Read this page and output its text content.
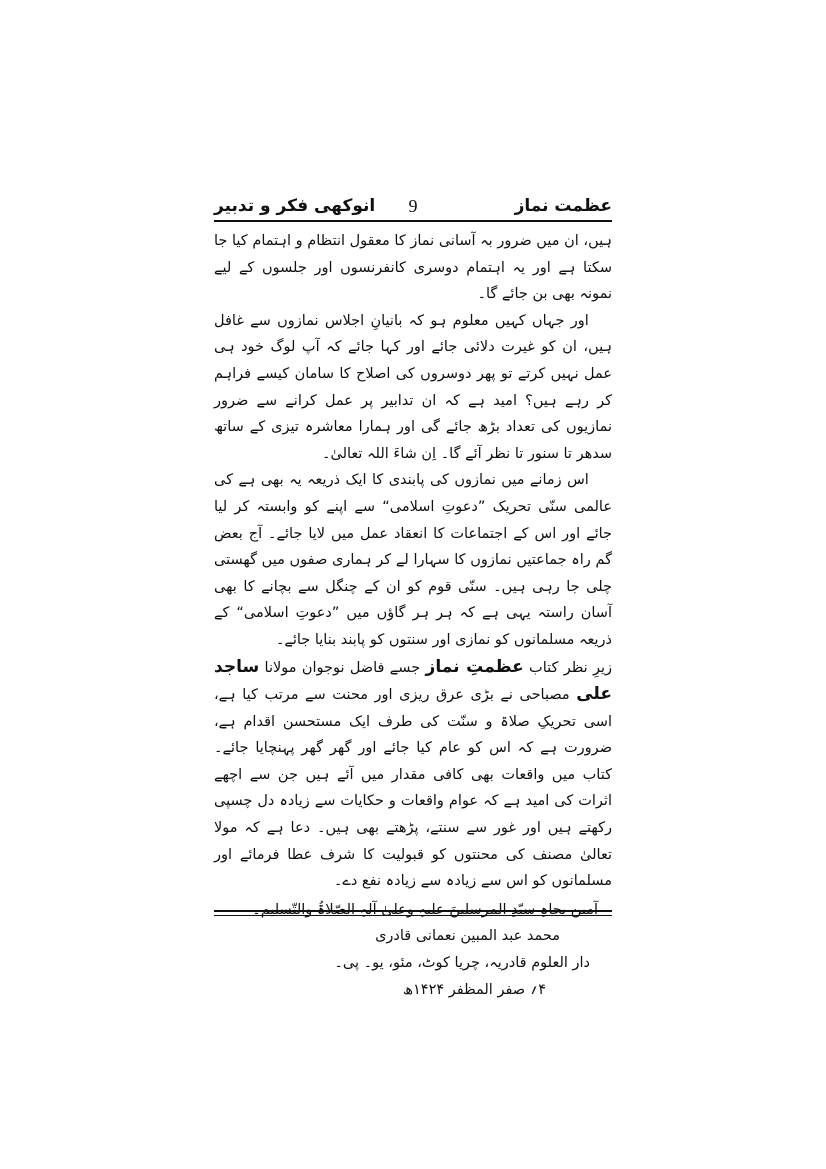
انوکھی فکر و تدبیر	9	عظمت نماز

ہیں، ان میں ضرور بہ آسانی نماز کا معقول انتظام و اہتمام کیا جا سکتا ہے اور یہ اہتمام دوسری کانفرنسوں اور جلسوں کے لیے نمونہ بھی بن جائے گا۔

اور جہاں کہیں معلوم ہو کہ بانیانِ اجلاس نمازوں سے غافل ہیں، ان کو غیرت دلائی جائے اور کہا جائے کہ آپ لوگ خود ہی عمل نہیں کرتے تو پھر دوسروں کی اصلاح کا سامان کیسے فراہم کر رہے ہیں؟ امید ہے کہ ان تدابیر پر عمل کرانے سے ضرور نمازیوں کی تعداد بڑھ جائے گی اور ہمارا معاشرہ تیزی کے ساتھ سدھر تا سنور تا نظر آئے گا۔ اِن شاءَ اللہ تعالیٰ۔

اس زمانے میں نمازوں کی پابندی کا ایک ذریعہ یہ بھی ہے کی عالمی سنّی تحریک ”دعوتِ اسلامی“ سے اپنے کو وابستہ کر لیا جائے اور اس کے اجتماعات کا انعقاد عمل میں لایا جائے۔ آج بعض گم راہ جماعتیں نمازوں کا سہارا لے کر ہماری صفوں میں گھستی چلی جا رہی ہیں۔ سنّی قوم کو ان کے چنگل سے بچانے کا بھی آسان راستہ یہی ہے کہ ہر ہر گاؤں میں ”دعوتِ اسلامی“ کے ذریعہ مسلمانوں کو نمازی اور سنتوں کو پابند بنایا جائے۔

زیرِ نظر کتاب عظمتِ نماز جسے فاضل نوجوان مولانا ساجد علی مصباحی نے بڑی عرق ریزی اور محنت سے مرتب کیا ہے، اسی تحریکِ صلاۃ و سنّت کی طرف ایک مستحسن اقدام ہے، ضرورت ہے کہ اس کو عام کیا جائے اور گھر گھر پہنچایا جائے۔ کتاب میں واقعات بھی کافی مقدار میں آئے ہیں جن سے اچھے اثرات کی امید ہے کہ عوام واقعات و حکایات سے زیادہ دل چسپی رکھتے ہیں اور غور سے سنتے، پڑھتے بھی ہیں۔ دعا ہے کہ مولا تعالیٰ مصنف کی محنتوں کو قبولیت کا شرف عطا فرمائے اور مسلمانوں کو اس سے زیادہ سے زیادہ نفع دے۔

آمین بجاہِ سیّدِ المرسلینَ علیہِ وعلیٰ آلہِ الصّلاۃُ والتّسلیم۔
محمد عبد المبین نعمانی قادری
دار العلوم قادریہ، چریا کوٹ، مئو، یو۔ پی۔
۴؍ صفر المظفر ۱۴۲۴ھ
